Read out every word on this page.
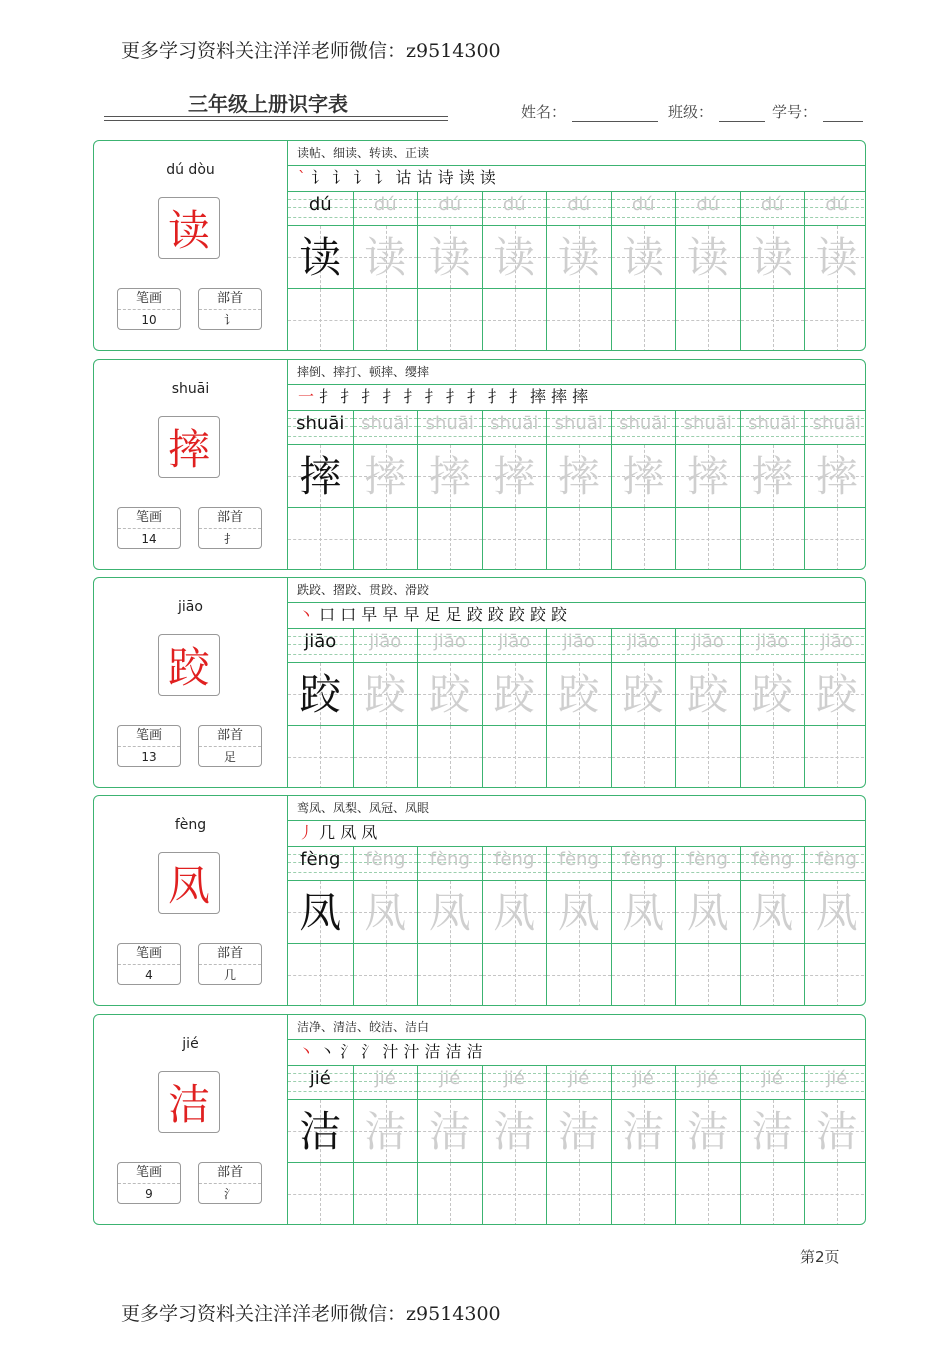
更多学习资料关注洋洋老师微信：z9514300
三年级上册识字表	姓名：	班级：	学号：
dú dòu
读
笔画
10
部首
讠
读帖、细读、转读、正读
` 讠 讠 讠 讠 诂 诂 诗 读 读
dú
读
dú
读
dú
读
dú
读
dú
读
dú
读
dú
读
dú
读
dú
读
shuāi
摔
笔画
14
部首
扌
摔倒、摔打、顿摔、缨摔
一 扌 扌 扌 扌 扌 扌 扌 扌 扌 扌 摔 摔 摔
shuāi
摔
shuāi
摔
shuāi
摔
shuāi
摔
shuāi
摔
shuāi
摔
shuāi
摔
shuāi
摔
shuāi
摔
jiāo
跤
笔画
13
部首
足
跌跤、摺跤、贯跤、滑跤
丶 口 口 早 早 早 足 足 跤 跤 跤 跤 跤
jiāo
跤
jiāo
跤
jiāo
跤
jiāo
跤
jiāo
跤
jiāo
跤
jiāo
跤
jiāo
跤
jiāo
跤
fèng
凤
笔画
4
部首
几
鸾凤、凤梨、凤冠、凤眼
丿 几 凤 凤
fèng
凤
fèng
凤
fèng
凤
fèng
凤
fèng
凤
fèng
凤
fèng
凤
fèng
凤
fèng
凤
jié
洁
笔画
9
部首
氵
洁净、清洁、皎洁、洁白
丶 丶 氵 氵 汁 汁 洁 洁 洁
jié
洁
jié
洁
jié
洁
jié
洁
jié
洁
jié
洁
jié
洁
jié
洁
jié
洁
第2页
更多学习资料关注洋洋老师微信：z9514300
